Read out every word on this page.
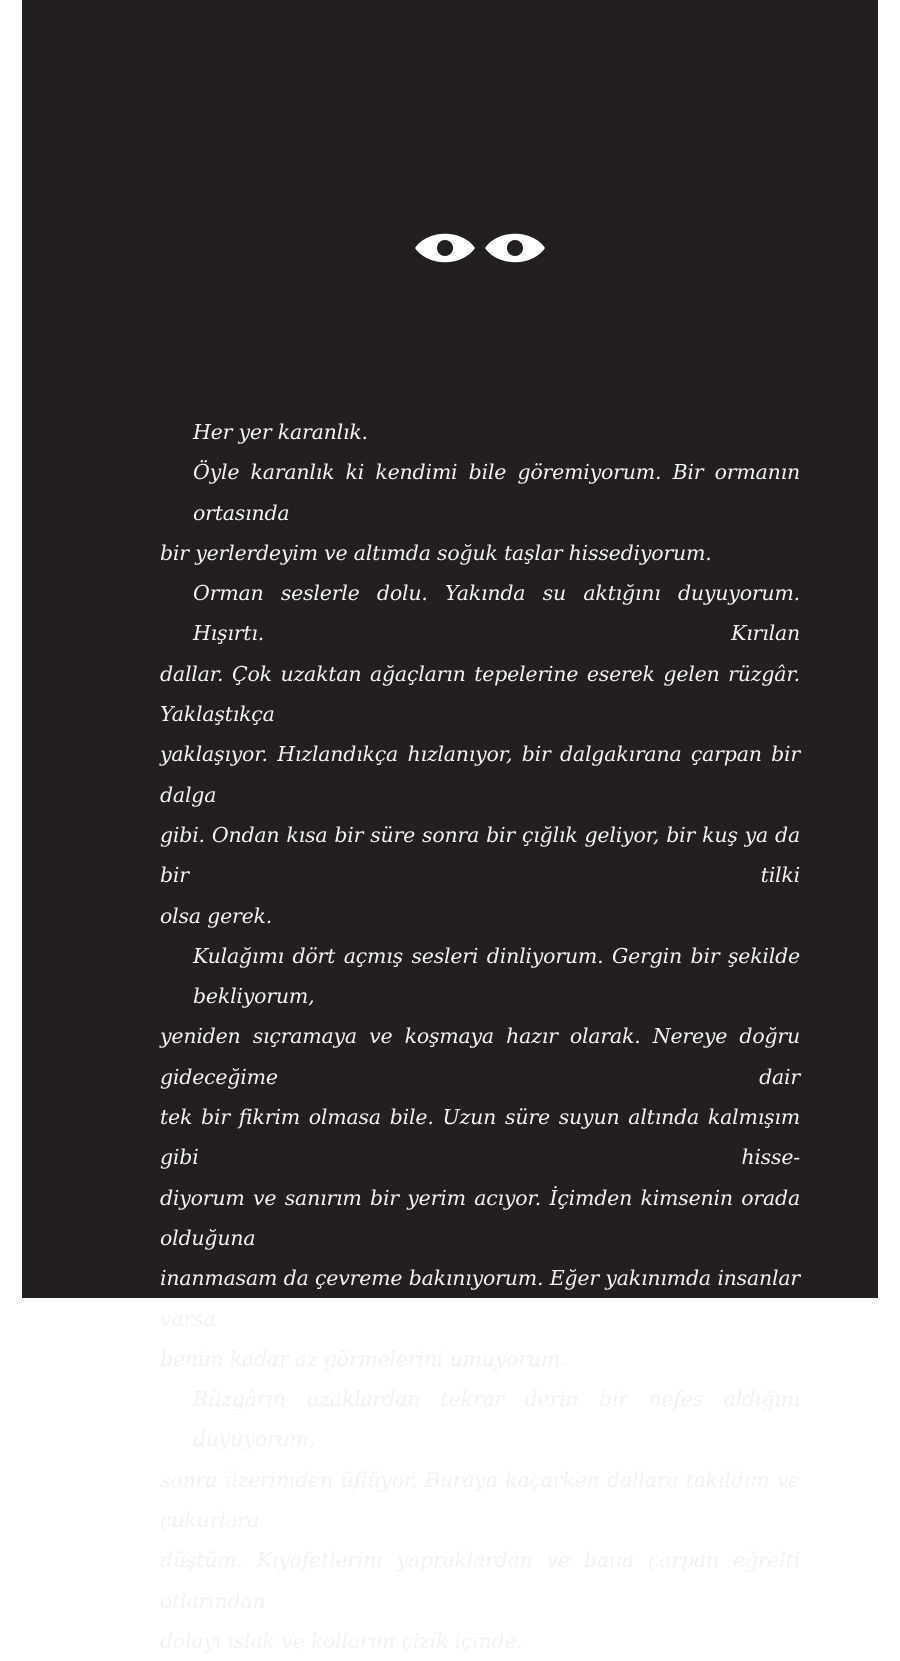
Her yer karanlık.
Öyle karanlık ki kendimi bile göremiyorum. Bir ormanın ortasında
bir yerlerdeyim ve altımda soğuk taşlar hissediyorum.
Orman seslerle dolu. Yakında su aktığını duyuyorum. Hışırtı. Kırılan
dallar. Çok uzaktan ağaçların tepelerine eserek gelen rüzgâr. Yaklaştıkça
yaklaşıyor. Hızlandıkça hızlanıyor, bir dalgakırana çarpan bir dalga
gibi. Ondan kısa bir süre sonra bir çığlık geliyor, bir kuş ya da bir tilki
olsa gerek.
Kulağımı dört açmış sesleri dinliyorum. Gergin bir şekilde bekliyorum,
yeniden sıçramaya ve koşmaya hazır olarak. Nereye doğru gideceğime dair
tek bir fikrim olmasa bile. Uzun süre suyun altında kalmışım gibi hisse-
diyorum ve sanırım bir yerim acıyor. İçimden kimsenin orada olduğuna
inanmasam da çevreme bakınıyorum. Eğer yakınımda insanlar varsa
benim kadar az görmelerini umuyorum.
Rüzgârın uzaklardan tekrar derin bir nefes aldığını duyuyorum,
sonra üzerimden üflüyor. Buraya kaçarken dallara takıldım ve çukurlara
düştüm. Kıyafetlerim yapraklardan ve bana çarpan eğrelti otlarından
dolayı ıslak ve kollarım çizik içinde.
